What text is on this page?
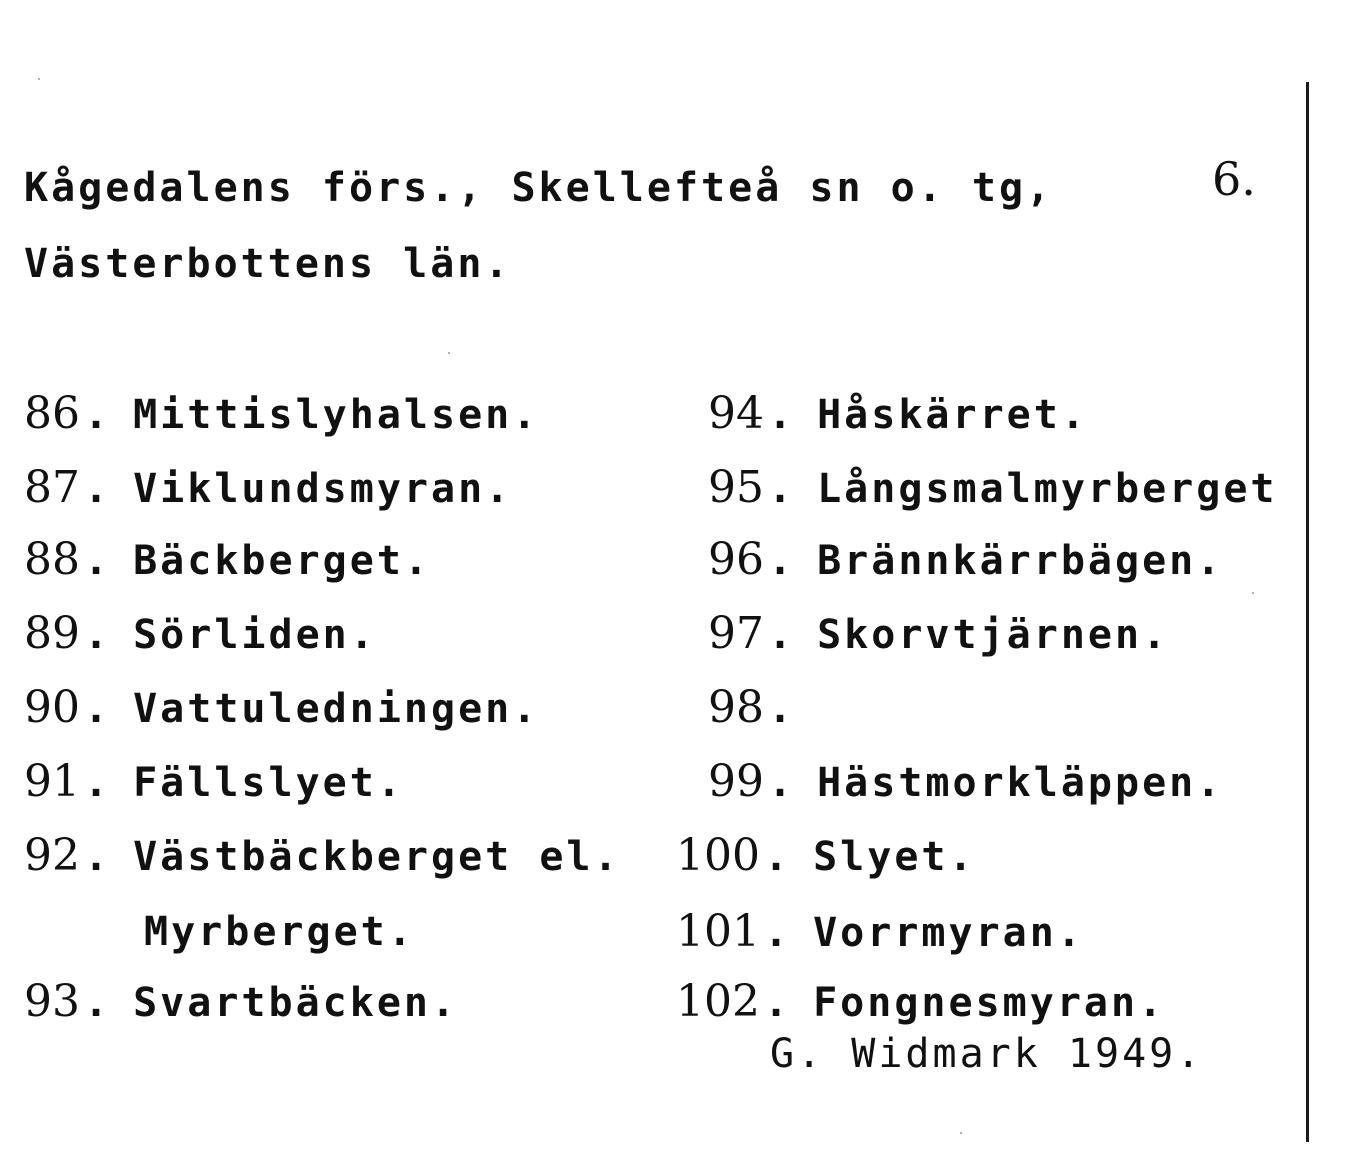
Kågedalens förs., Skellefteå sn o. tg,
Västerbottens län.
6.
86 . Mittislyhalsen.
87 . Viklundsmyran.
88 . Bäckberget.
89 . Sörliden.
90 . Vattuledningen.
91 . Fällslyet.
92 . Västbäckberget el.
Myrberget.
93 . Svartbäcken.
94 . Håskärret.
95 . Långsmalmyrberget
96 . Brännkärrbägen.
97 . Skorvtjärnen.
98 .
99 . Hästmorkläppen.
100 . Slyet.
101 . Vorrmyran.
102 . Fongnesmyran.
G. Widmark 1949.
